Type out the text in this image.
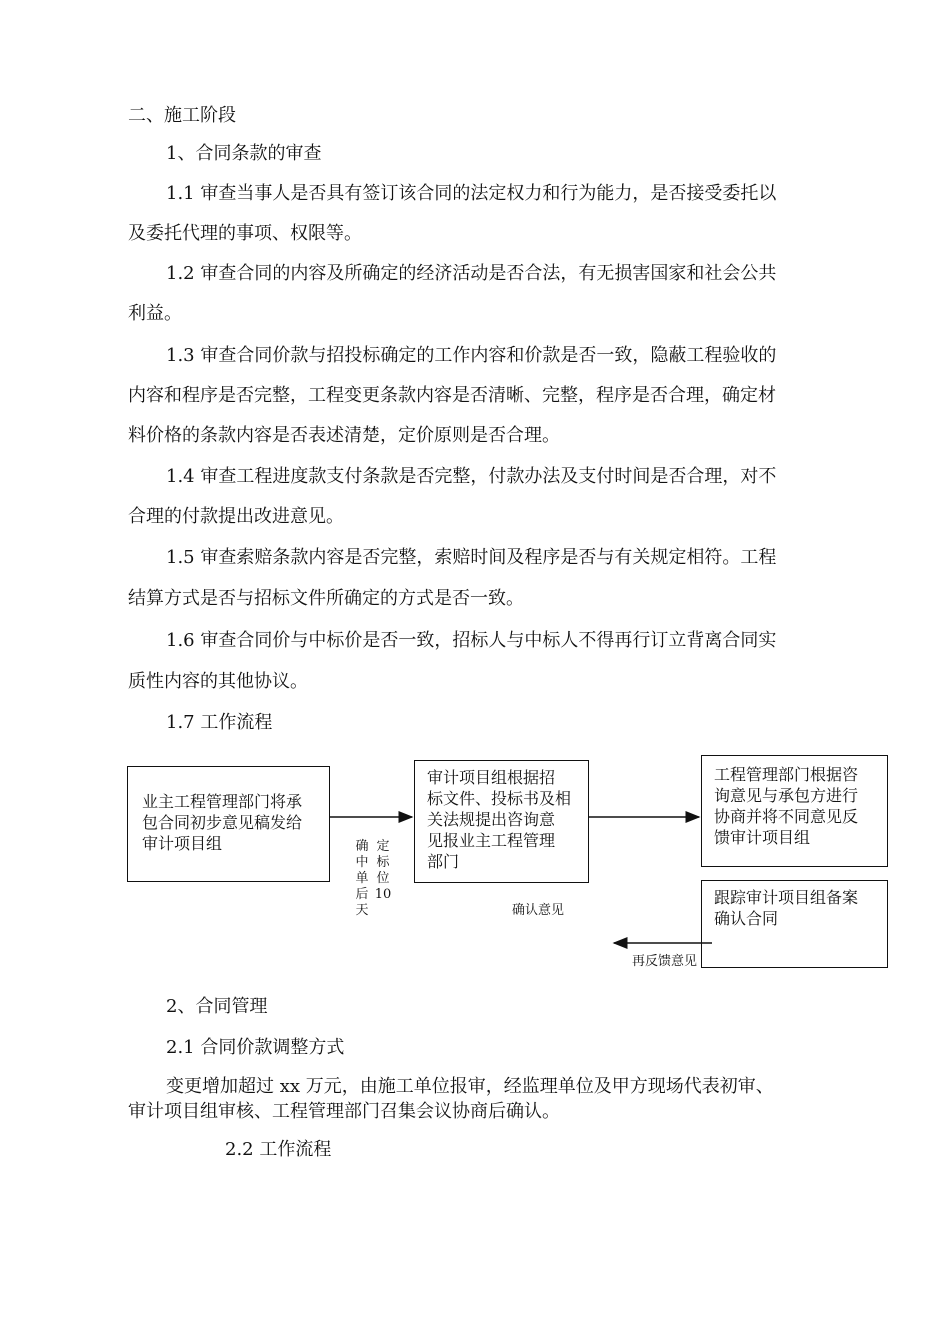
二、施工阶段
1、合同条款的审查
1.1 审查当事人是否具有签订该合同的法定权力和行为能力，是否接受委托以
及委托代理的事项、权限等。
1.2 审查合同的内容及所确定的经济活动是否合法，有无损害国家和社会公共
利益。
1.3 审查合同价款与招投标确定的工作内容和价款是否一致，隐蔽工程验收的
内容和程序是否完整，工程变更条款内容是否清晰、完整，程序是否合理，确定材
料价格的条款内容是否表述清楚，定价原则是否合理。
1.4 审查工程进度款支付条款是否完整，付款办法及支付时间是否合理，对不
合理的付款提出改进意见。
1.5 审查索赔条款内容是否完整，索赔时间及程序是否与有关规定相符。工程
结算方式是否与招标文件所确定的方式是否一致。
1.6 审查合同价与中标价是否一致，招标人与中标人不得再行订立背离合同实
质性内容的其他协议。
1.7 工作流程
业主工程管理部门将承
包合同初步意见稿发给
审计项目组
审计项目组根据招
标文件、投标书及相
关法规提出咨询意
见报业主工程管理
部门
工程管理部门根据咨
询意见与承包方进行
协商并将不同意见反
馈审计项目组
跟踪审计项目组备案
确认合同
确
中
单
后
天
定
标
位
10
确认意见
再反馈意见
2、合同管理
2.1 合同价款调整方式
变更增加超过 xx 万元，由施工单位报审，经监理单位及甲方现场代表初审、
审计项目组审核、工程管理部门召集会议协商后确认。
2.2 工作流程
